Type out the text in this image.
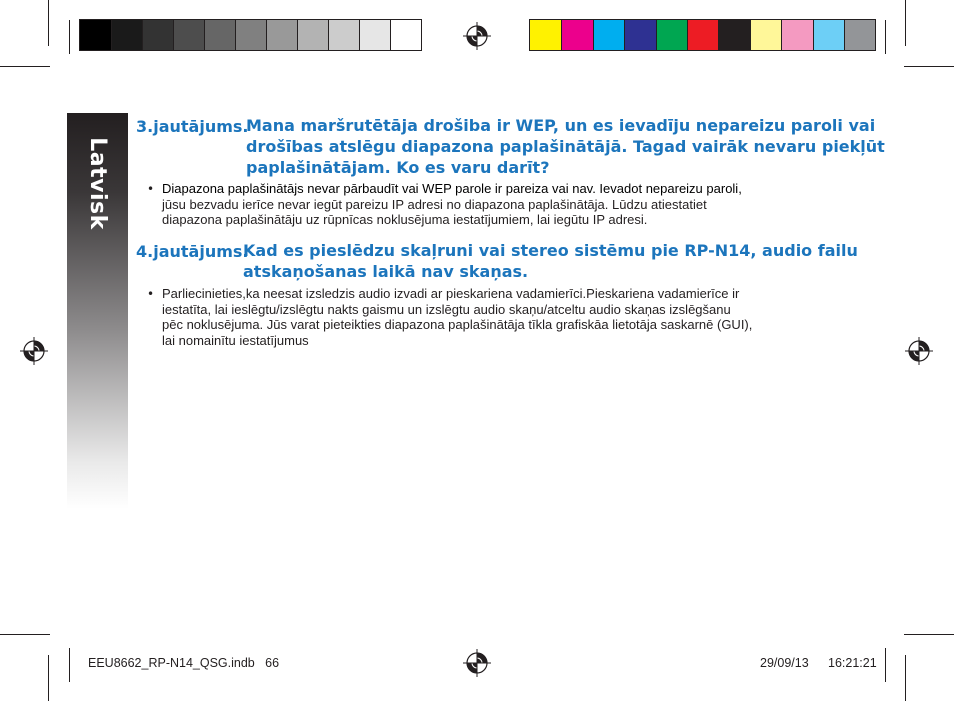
Latvisk
3.jautājums.
Mana maršrutētāja drošiba ir WEP, un es ievadīju nepareizu paroli vai
drošības atslēgu diapazona paplašinātājā. Tagad vairāk nevaru piekļūt
paplašinātājam. Ko es varu darīt?
• Diapazona paplašinātājs nevar pārbaudīt vai WEP parole ir pareiza vai nav. Ievadot nepareizu paroli,
jūsu bezvadu ierīce nevar iegūt pareizu IP adresi no diapazona paplašinātāja. Lūdzu atiestatiet
diapazona paplašinātāju uz rūpnīcas noklusējuma iestatījumiem, lai iegūtu IP adresi.
4.jautājums.
Kad es pieslēdzu skaļruni vai stereo sistēmu pie RP-N14, audio failu
atskaņošanas laikā nav skaņas.
• Parliecinieties,ka neesat izsledzis audio izvadi ar pieskariena vadamierīci.Pieskariena vadamierīce ir
iestatīta, lai ieslēgtu/izslēgtu nakts gaismu un izslēgtu audio skaņu/atceltu audio skaņas izslēgšanu
pēc noklusējuma. Jūs varat pieteikties diapazona paplašinātāja tīkla grafiskāa lietotāja saskarnē (GUI),
lai nomainītu iestatījumus
EEU8662_RP-N14_QSG.indb   66	29/09/13 16:21:21
